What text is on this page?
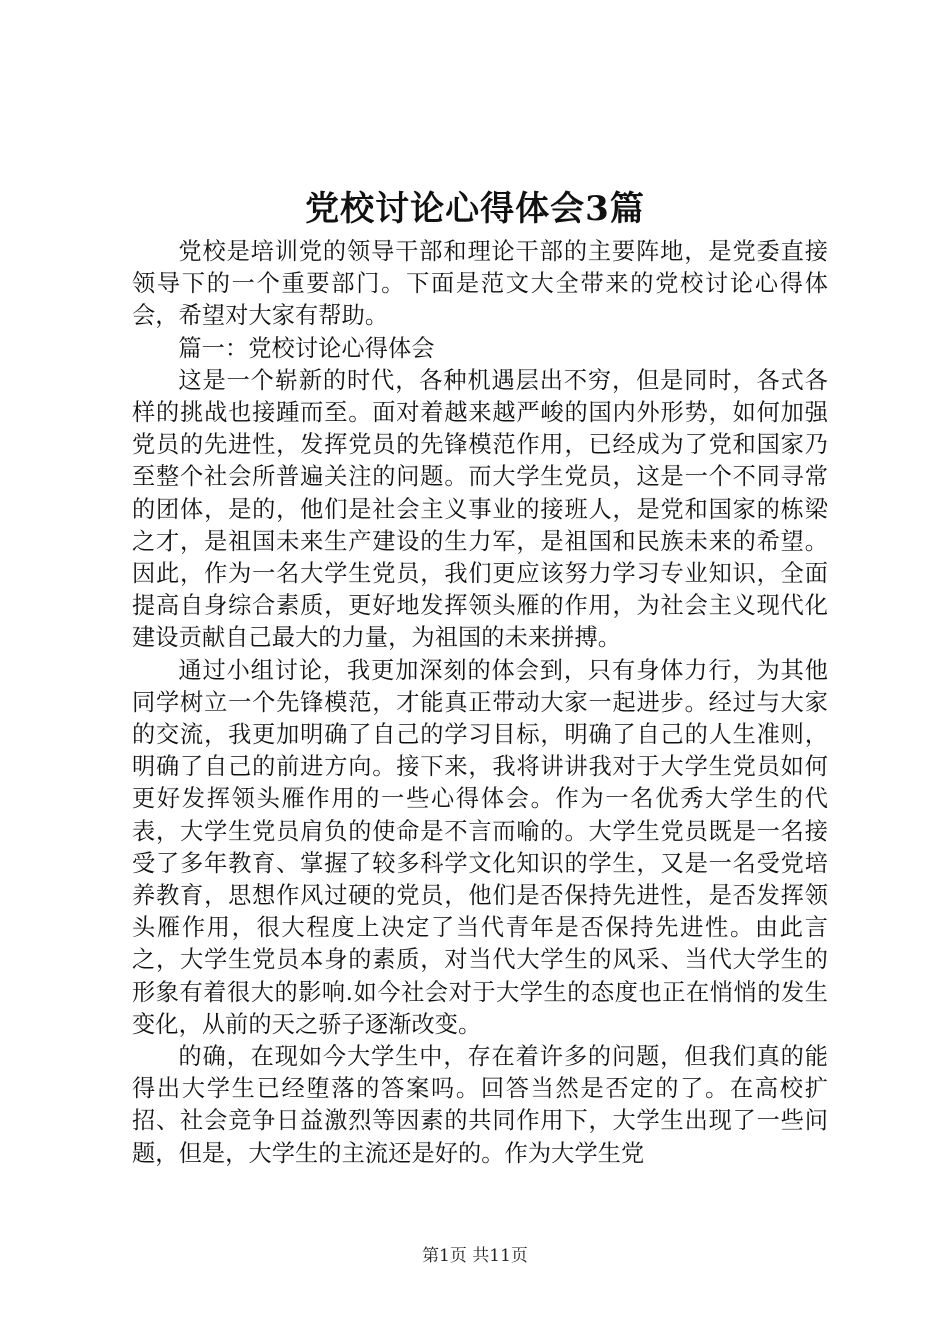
党校讨论心得体会3篇

党校是培训党的领导干部和理论干部的主要阵地，是党委直接领导下的一个重要部门。下面是范文大全带来的党校讨论心得体会，希望对大家有帮助。

篇一：党校讨论心得体会

这是一个崭新的时代，各种机遇层出不穷，但是同时，各式各样的挑战也接踵而至。面对着越来越严峻的国内外形势，如何加强党员的先进性，发挥党员的先锋模范作用，已经成为了党和国家乃至整个社会所普遍关注的问题。而大学生党员，这是一个不同寻常的团体，是的，他们是社会主义事业的接班人，是党和国家的栋梁之才，是祖国未来生产建设的生力军，是祖国和民族未来的希望。因此，作为一名大学生党员，我们更应该努力学习专业知识，全面提高自身综合素质，更好地发挥领头雁的作用，为社会主义现代化建设贡献自己最大的力量，为祖国的未来拼搏。

通过小组讨论，我更加深刻的体会到，只有身体力行，为其他同学树立一个先锋模范，才能真正带动大家一起进步。经过与大家的交流，我更加明确了自己的学习目标，明确了自己的人生准则，明确了自己的前进方向。接下来，我将讲讲我对于大学生党员如何更好发挥领头雁作用的一些心得体会。作为一名优秀大学生的代表，大学生党员肩负的使命是不言而喻的。大学生党员既是一名接受了多年教育、掌握了较多科学文化知识的学生，又是一名受党培养教育，思想作风过硬的党员，他们是否保持先进性，是否发挥领头雁作用，很大程度上决定了当代青年是否保持先进性。由此言之，大学生党员本身的素质，对当代大学生的风采、当代大学生的形象有着很大的影响.如今社会对于大学生的态度也正在悄悄的发生变化，从前的天之骄子逐渐改变。

的确，在现如今大学生中，存在着许多的问题，但我们真的能得出大学生已经堕落的答案吗。回答当然是否定的了。在高校扩招、社会竞争日益激烈等因素的共同作用下，大学生出现了一些问题，但是，大学生的主流还是好的。作为大学生党

第1页 共11页
